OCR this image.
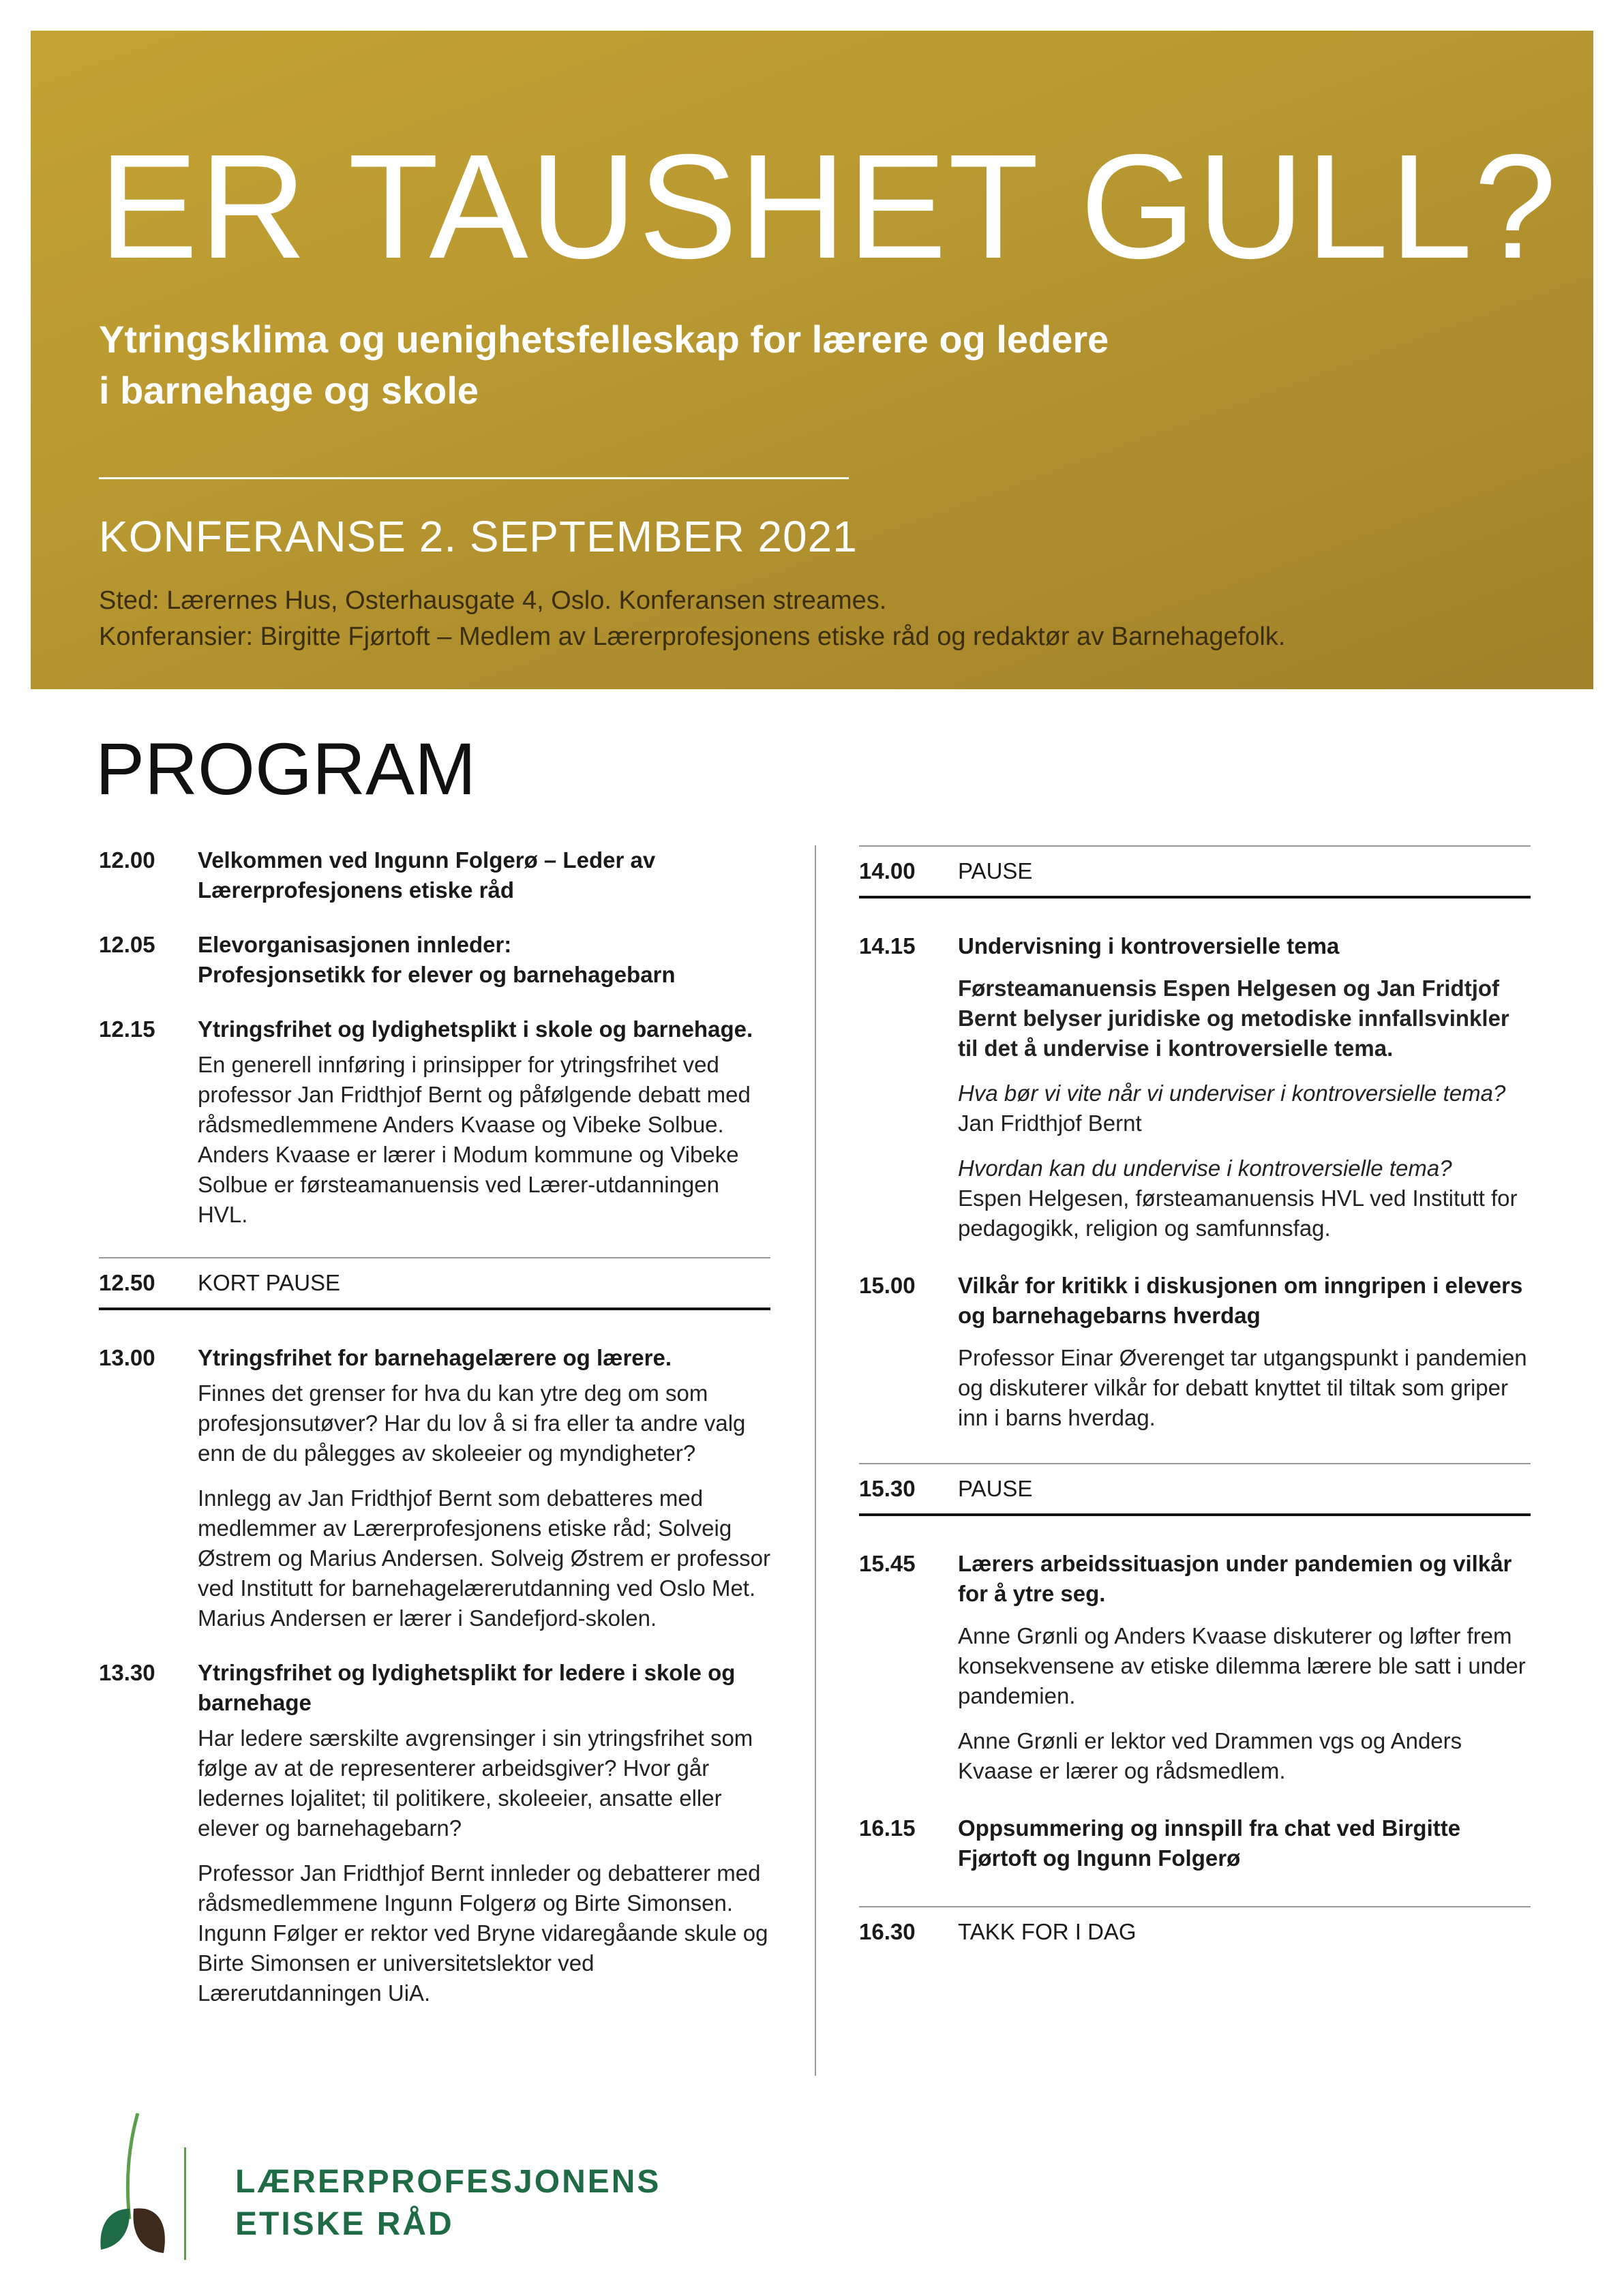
ER TAUSHET GULL?
Ytringsklima og uenighetsfelleskap for lærere og ledere
i barnehage og skole
KONFERANSE 2. SEPTEMBER 2021
Sted: Lærernes Hus, Osterhausgate 4, Oslo. Konferansen streames.
Konferansier: Birgitte Fjørtoft – Medlem av Lærerprofesjonens etiske råd og redaktør av Barnehagefolk.
PROGRAM
12.00 Velkommen ved Ingunn Folgerø – Leder av Lærerprofesjonens etiske råd
12.05 Elevorganisasjonen innleder:

Profesjonsetikk for elever og barnehagebarn

12.15 Ytringsfrihet og lydighetsplikt i skole og barnehage.

En generell innføring i prinsipper for ytringsfrihet ved professor Jan Fridthjof Bernt og påfølgende debatt med rådsmedlemmene Anders Kvaase og Vibeke Solbue. Anders Kvaase er lærer i Modum kommune og Vibeke Solbue er førsteamanuensis ved Lærer-utdanningen HVL.

12.50 KORT PAUSE
13.00 Ytringsfrihet for barnehagelærere og lærere.

Finnes det grenser for hva du kan ytre deg om som profesjonsutøver? Har du lov å si fra eller ta andre valg enn de du pålegges av skoleeier og myndigheter?

Innlegg av Jan Fridthjof Bernt som debatteres med medlemmer av Lærerprofesjonens etiske råd; Solveig Østrem og Marius Andersen. Solveig Østrem er professor ved Institutt for barnehagelærerutdanning ved Oslo Met. Marius Andersen er lærer i Sandefjord-skolen.

13.30 Ytringsfrihet og lydighetsplikt for ledere i skole og barnehage

Har ledere særskilte avgrensinger i sin ytringsfrihet som følge av at de representerer arbeidsgiver? Hvor går ledernes lojalitet; til politikere, skoleeier, ansatte eller elever og barnehagebarn?

Professor Jan Fridthjof Bernt innleder og debatterer med rådsmedlemmene Ingunn Folgerø og Birte Simonsen. Ingunn Følger er rektor ved Bryne vidaregåande skule og Birte Simonsen er universitetslektor ved Lærerutdanningen UiA.

14.00 PAUSE
14.15 Undervisning i kontroversielle tema

Førsteamanuensis Espen Helgesen og Jan Fridtjof Bernt belyser juridiske og metodiske innfallsvinkler til det å undervise i kontroversielle tema.

Hva bør vi vite når vi underviser i kontroversielle tema?
Jan Fridthjof Bernt

Hvordan kan du undervise i kontroversielle tema?
Espen Helgesen, førsteamanuensis HVL ved Institutt for pedagogikk, religion og samfunnsfag.

15.00 Vilkår for kritikk i diskusjonen om inngripen i elevers og barnehagebarns hverdag

Professor Einar Øverenget tar utgangspunkt i pandemien og diskuterer vilkår for debatt knyttet til tiltak som griper inn i barns hverdag.

15.30 PAUSE
15.45 Lærers arbeidssituasjon under pandemien og vilkår for å ytre seg.

Anne Grønli og Anders Kvaase diskuterer og løfter frem konsekvensene av etiske dilemma lærere ble satt i under pandemien.

Anne Grønli er lektor ved Drammen vgs og Anders Kvaase er lærer og rådsmedlem.

16.15 Oppsummering og innspill fra chat ved Birgitte Fjørtoft og Ingunn Folgerø
16.30 TAKK FOR I DAG
LÆRERPROFESJONENS
ETISKE RÅD
